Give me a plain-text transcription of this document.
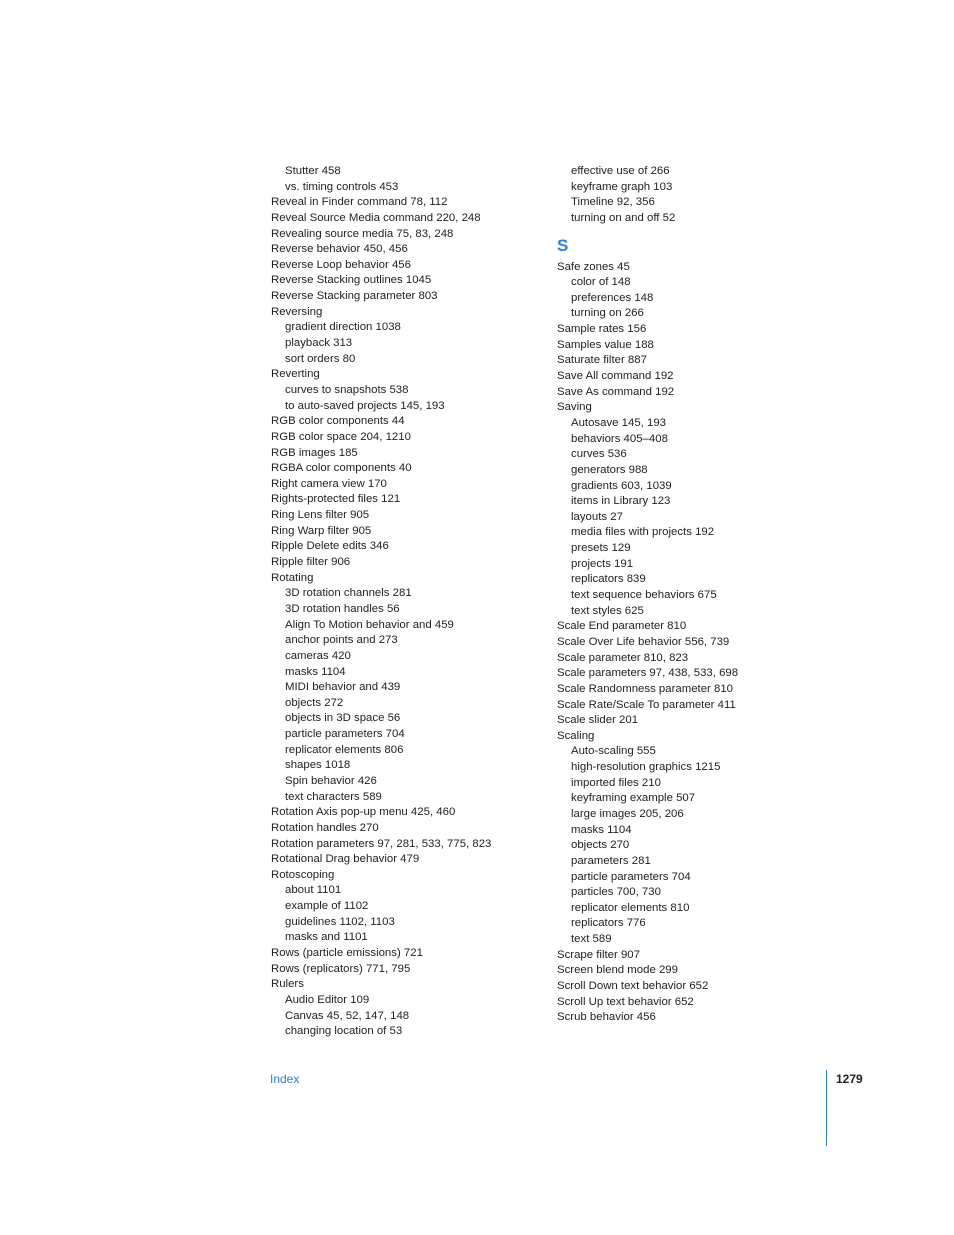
Stutter 458
vs. timing controls 453
Reveal in Finder command 78, 112
Reveal Source Media command 220, 248
Revealing source media 75, 83, 248
Reverse behavior 450, 456
Reverse Loop behavior 456
Reverse Stacking outlines 1045
Reverse Stacking parameter 803
Reversing
gradient direction 1038
playback 313
sort orders 80
Reverting
curves to snapshots 538
to auto-saved projects 145, 193
RGB color components 44
RGB color space 204, 1210
RGB images 185
RGBA color components 40
Right camera view 170
Rights-protected files 121
Ring Lens filter 905
Ring Warp filter 905
Ripple Delete edits 346
Ripple filter 906
Rotating
3D rotation channels 281
3D rotation handles 56
Align To Motion behavior and 459
anchor points and 273
cameras 420
masks 1104
MIDI behavior and 439
objects 272
objects in 3D space 56
particle parameters 704
replicator elements 806
shapes 1018
Spin behavior 426
text characters 589
Rotation Axis pop-up menu 425, 460
Rotation handles 270
Rotation parameters 97, 281, 533, 775, 823
Rotational Drag behavior 479
Rotoscoping
about 1101
example of 1102
guidelines 1102, 1103
masks and 1101
Rows (particle emissions) 721
Rows (replicators) 771, 795
Rulers
Audio Editor 109
Canvas 45, 52, 147, 148
changing location of 53
effective use of 266
keyframe graph 103
Timeline 92, 356
turning on and off 52
S
Safe zones 45
color of 148
preferences 148
turning on 266
Sample rates 156
Samples value 188
Saturate filter 887
Save All command 192
Save As command 192
Saving
Autosave 145, 193
behaviors 405–408
curves 536
generators 988
gradients 603, 1039
items in Library 123
layouts 27
media files with projects 192
presets 129
projects 191
replicators 839
text sequence behaviors 675
text styles 625
Scale End parameter 810
Scale Over Life behavior 556, 739
Scale parameter 810, 823
Scale parameters 97, 438, 533, 698
Scale Randomness parameter 810
Scale Rate/Scale To parameter 411
Scale slider 201
Scaling
Auto-scaling 555
high-resolution graphics 1215
imported files 210
keyframing example 507
large images 205, 206
masks 1104
objects 270
parameters 281
particle parameters 704
particles 700, 730
replicator elements 810
replicators 776
text 589
Scrape filter 907
Screen blend mode 299
Scroll Down text behavior 652
Scroll Up text behavior 652
Scrub behavior 456
Index	1279
